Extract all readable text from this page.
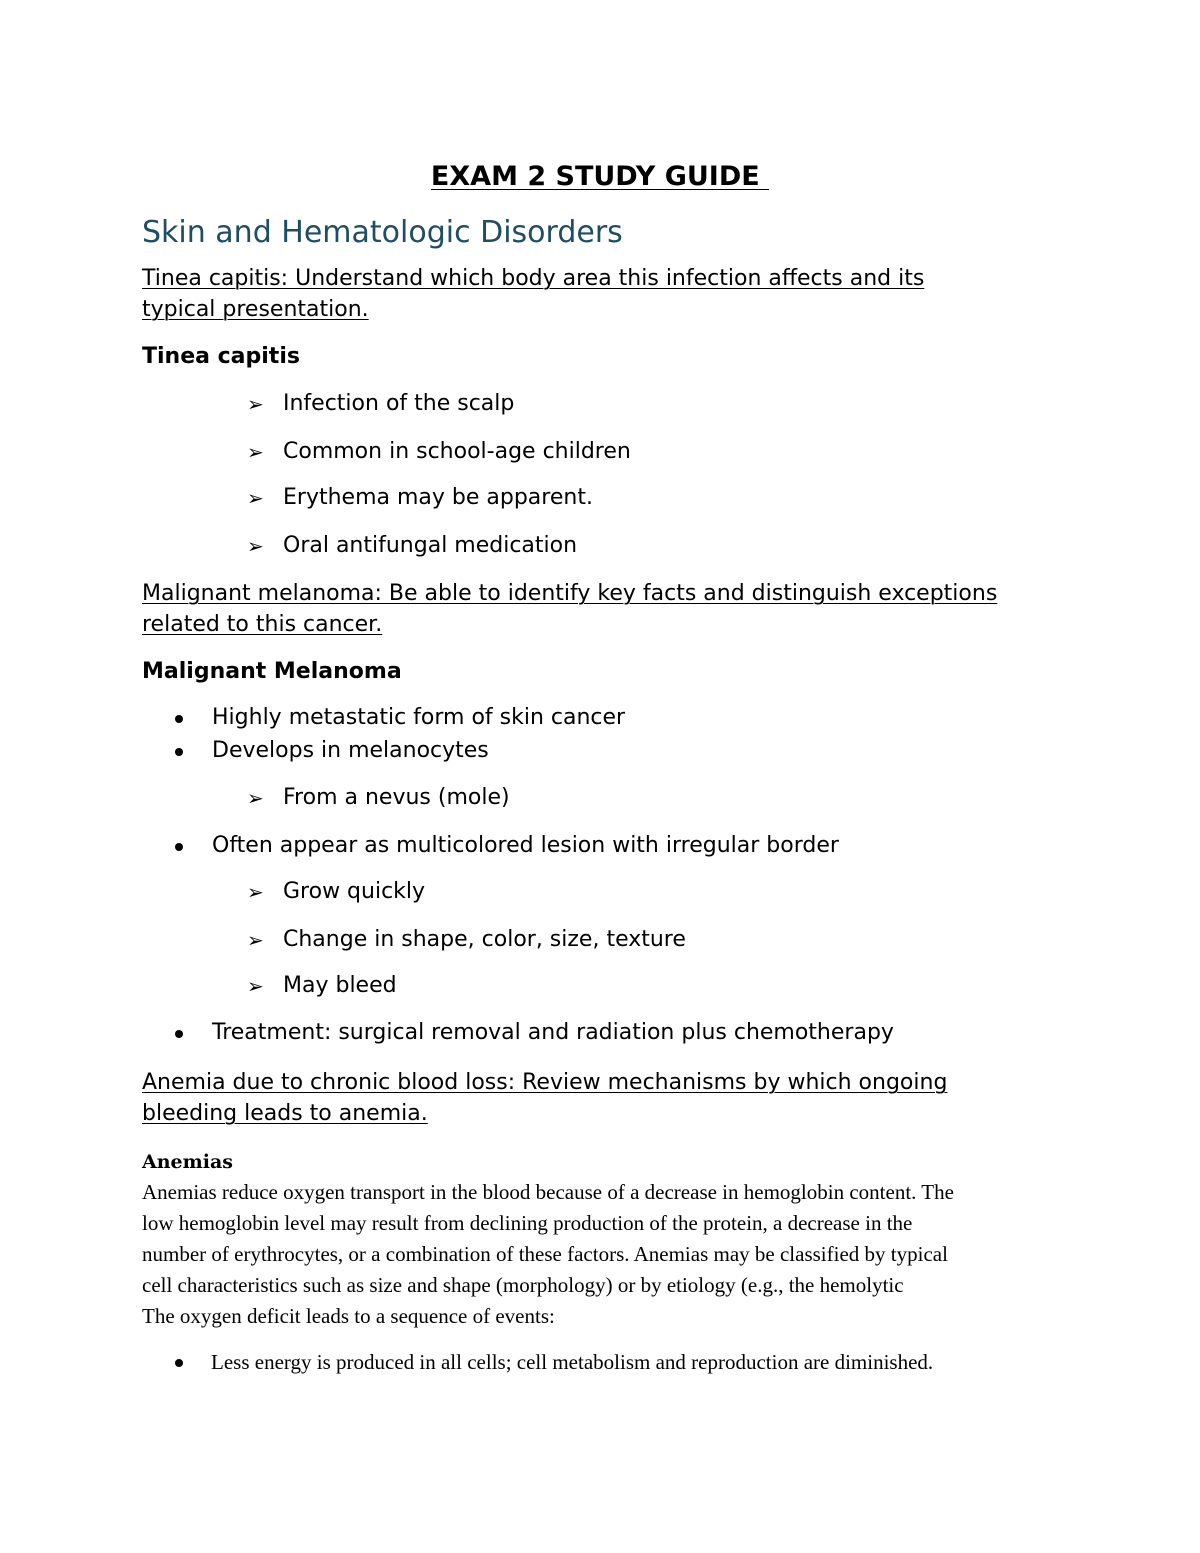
EXAM 2 STUDY GUIDE
Skin and Hematologic Disorders

Tinea capitis: Understand which body area this infection affects and its
typical presentation.

Tinea capitis

➢ Infection of the scalp

➢ Common in school-age children

➢ Erythema may be apparent.

➢ Oral antifungal medication

Malignant melanoma: Be able to identify key facts and distinguish exceptions
related to this cancer.

Malignant Melanoma

Highly metastatic form of skin cancer

Develops in melanocytes

➢ From a nevus (mole)

Often appear as multicolored lesion with irregular border

➢ Grow quickly

➢ Change in shape, color, size, texture

➢ May bleed

Treatment: surgical removal and radiation plus chemotherapy

Anemia due to chronic blood loss: Review mechanisms by which ongoing
bleeding leads to anemia.

Anemias

Anemias reduce oxygen transport in the blood because of a decrease in hemoglobin content. The

low hemoglobin level may result from declining production of the protein, a decrease in the

number of erythrocytes, or a combination of these factors. Anemias may be classified by typical

cell characteristics such as size and shape (morphology) or by etiology (e.g., the hemolytic

The oxygen deficit leads to a sequence of events:

Less energy is produced in all cells; cell metabolism and reproduction are diminished.
